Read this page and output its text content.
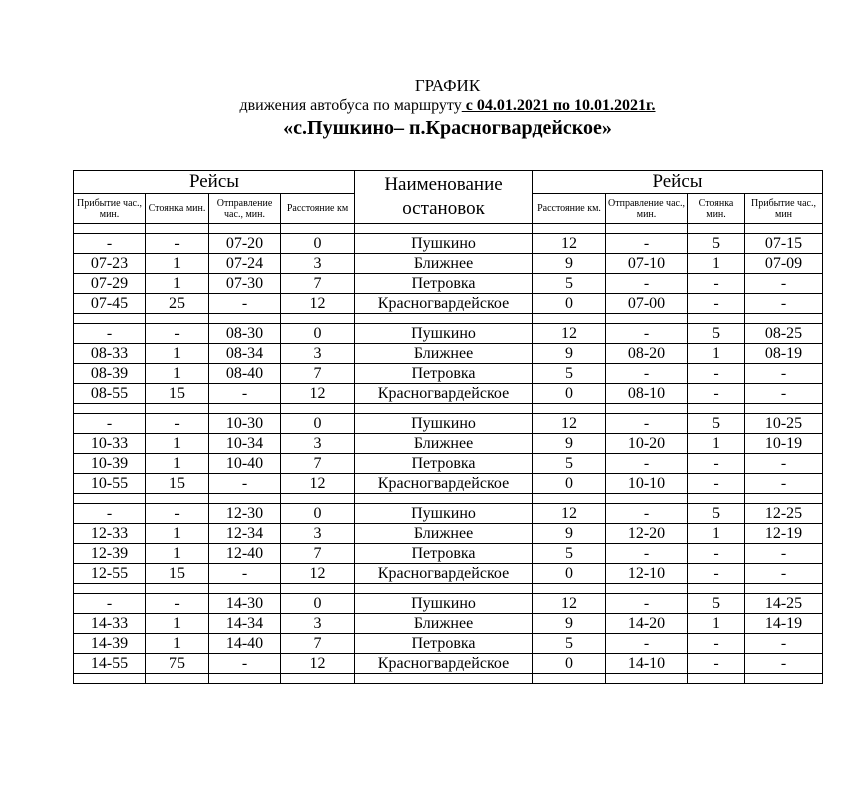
ГРАФИК
движения автобуса по маршруту с 04.01.2021 по 10.01.2021г.
«с.Пушкино– п.Красногвардейское»
Рейсы				Наименование остановок	Рейсы			
Прибытие час., мин.	Стоянка мин.	Отправление час., мин.	Расстояние км		Расстояние км.	Отправление час., мин.	Стоянка мин.	Прибытие час., мин

-	-	07-20	0	Пушкино	12	-	5	07-15
07-23	1	07-24	3	Ближнее	9	07-10	1	07-09
07-29	1	07-30	7	Петровка	5	-	-	-
07-45	25	-	12	Красногвардейское	0	07-00	-	-

-	-	08-30	0	Пушкино	12	-	5	08-25
08-33	1	08-34	3	Ближнее	9	08-20	1	08-19
08-39	1	08-40	7	Петровка	5	-	-	-
08-55	15	-	12	Красногвардейское	0	08-10	-	-

-	-	10-30	0	Пушкино	12	-	5	10-25
10-33	1	10-34	3	Ближнее	9	10-20	1	10-19
10-39	1	10-40	7	Петровка	5	-	-	-
10-55	15	-	12	Красногвардейское	0	10-10	-	-

-	-	12-30	0	Пушкино	12	-	5	12-25
12-33	1	12-34	3	Ближнее	9	12-20	1	12-19
12-39	1	12-40	7	Петровка	5	-	-	-
12-55	15	-	12	Красногвардейское	0	12-10	-	-

-	-	14-30	0	Пушкино	12	-	5	14-25
14-33	1	14-34	3	Ближнее	9	14-20	1	14-19
14-39	1	14-40	7	Петровка	5	-	-	-
14-55	75	-	12	Красногвардейское	0	14-10	-	-
